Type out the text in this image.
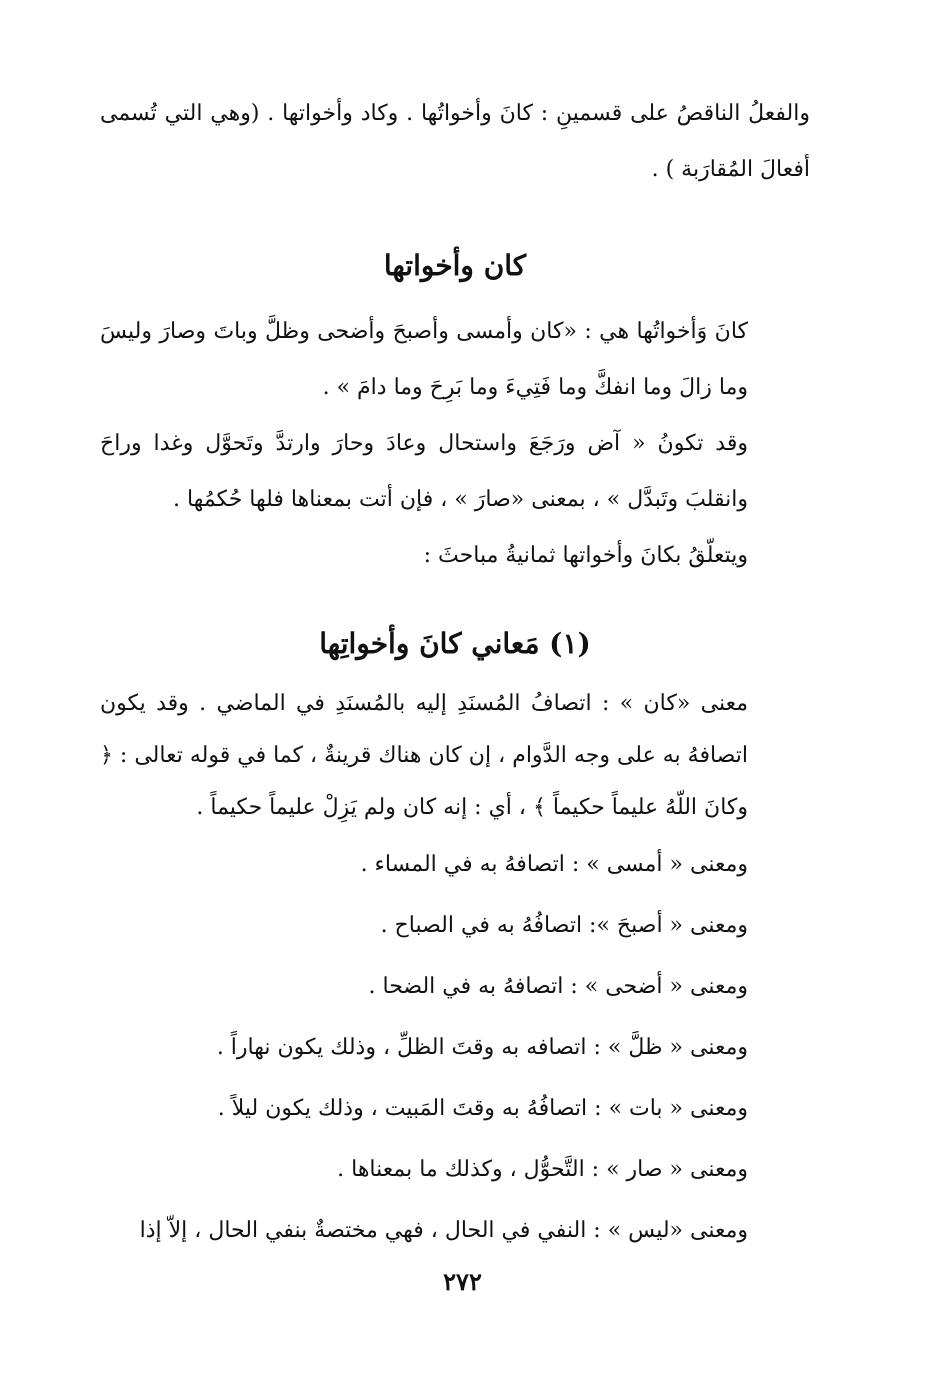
والفعلُ الناقصُ على قسمينِ : كانَ وأخواتُها . وكاد وأخواتها . (وهي التي تُسمى أفعالَ المُقارَبة ) .

كان وأخواتها

كانَ وَأخواتُها هي : «كان وأمسى وأصبحَ وأضحى وظلَّ وباتَ وصارَ وليسَ وما زالَ وما انفكَّ وما فَتِيءَ وما بَرِحَ وما دامَ » .

وقد تكونُ « آض ورَجَعَ واستحال وعادَ وحارَ وارتدَّ وتَحوَّل وغدا وراحَ وانقلبَ وتَبدَّل » ، بمعنى «صارَ » ، فإن أتت بمعناها فلها حُكمُها .

ويتعلّقُ بكانَ وأخواتها ثمانيةُ مباحثَ :

(١) مَعاني كانَ وأخواتِها

معنى «كان » : اتصافُ المُسنَدِ إليه بالمُسنَدِ في الماضي . وقد يكون اتصافهُ به على وجه الدَّوام ، إن كان هناك قرينةٌ ، كما في قوله تعالى : ﴿ وكانَ اللّهُ عليماً حكيماً ﴾ ، أي : إنه كان ولم يَزِلْ عليماً حكيماً .

ومعنى « أمسى » : اتصافهُ به في المساء .

ومعنى « أصبحَ »: اتصافُهُ به في الصباح .

ومعنى « أضحى » : اتصافهُ به في الضحا .

ومعنى « ظلَّ » : اتصافه به وقتَ الظلِّ ، وذلك يكون نهاراً .

ومعنى « بات » : اتصافُهُ به وقتَ المَبيت ، وذلك يكون ليلاً .

ومعنى « صار » : التَّحوُّل ، وكذلك ما بمعناها .

ومعنى «ليس » : النفي في الحال ، فهي مختصةٌ بنفي الحال ، إلاّ إذا

٢٧٢
